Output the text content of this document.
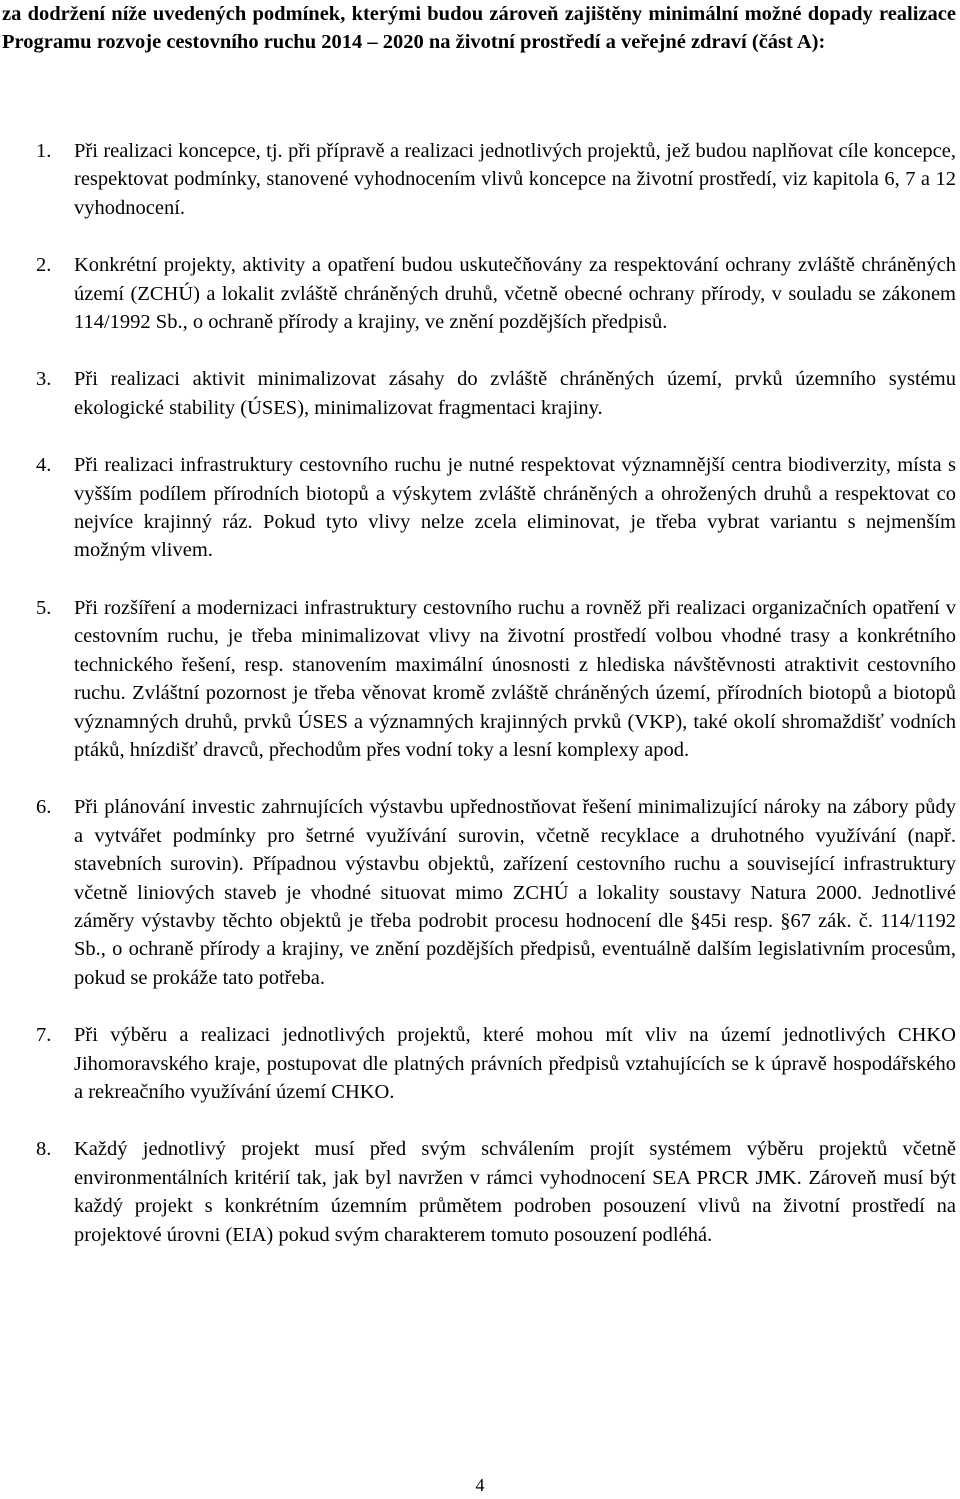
za dodržení níže uvedených podmínek, kterými budou zároveň zajištěny minimální možné dopady realizace Programu rozvoje cestovního ruchu 2014 – 2020 na životní prostředí a veřejné zdraví (část A):

1. Při realizaci koncepce, tj. při přípravě a realizaci jednotlivých projektů, jež budou naplňovat cíle koncepce, respektovat podmínky, stanovené vyhodnocením vlivů koncepce na životní prostředí, viz kapitola 6, 7 a 12 vyhodnocení.
2. Konkrétní projekty, aktivity a opatření budou uskutečňovány za respektování ochrany zvláště chráněných území (ZCHÚ) a lokalit zvláště chráněných druhů, včetně obecné ochrany přírody, v souladu se zákonem 114/1992 Sb., o ochraně přírody a krajiny, ve znění pozdějších předpisů.
3. Při realizaci aktivit minimalizovat zásahy do zvláště chráněných území, prvků územního systému ekologické stability (ÚSES), minimalizovat fragmentaci krajiny.
4. Při realizaci infrastruktury cestovního ruchu je nutné respektovat významnější centra biodiverzity, místa s vyšším podílem přírodních biotopů a výskytem zvláště chráněných a ohrožených druhů a respektovat co nejvíce krajinný ráz. Pokud tyto vlivy nelze zcela eliminovat, je třeba vybrat variantu s nejmenším možným vlivem.
5. Při rozšíření a modernizaci infrastruktury cestovního ruchu a rovněž při realizaci organizačních opatření v cestovním ruchu, je třeba minimalizovat vlivy na životní prostředí volbou vhodné trasy a konkrétního technického řešení, resp. stanovením maximální únosnosti z hlediska návštěvnosti atraktivit cestovního ruchu. Zvláštní pozornost je třeba věnovat kromě zvláště chráněných území, přírodních biotopů a biotopů významných druhů, prvků ÚSES a významných krajinných prvků (VKP), také okolí shromaždišť vodních ptáků, hnízdišť dravců, přechodům přes vodní toky a lesní komplexy apod.
6. Při plánování investic zahrnujících výstavbu upřednostňovat řešení minimalizující nároky na zábory půdy a vytvářet podmínky pro šetrné využívání surovin, včetně recyklace a druhotného využívání (např. stavebních surovin). Případnou výstavbu objektů, zařízení cestovního ruchu a související infrastruktury včetně liniových staveb je vhodné situovat mimo ZCHÚ a lokality soustavy Natura 2000. Jednotlivé záměry výstavby těchto objektů je třeba podrobit procesu hodnocení dle §45i resp. §67 zák. č. 114/1192 Sb., o ochraně přírody a krajiny, ve znění pozdějších předpisů, eventuálně dalším legislativním procesům, pokud se prokáže tato potřeba.
7. Při výběru a realizaci jednotlivých projektů, které mohou mít vliv na území jednotlivých CHKO Jihomoravského kraje, postupovat dle platných právních předpisů vztahujících se k úpravě hospodářského a rekreačního využívání území CHKO.
8. Každý jednotlivý projekt musí před svým schválením projít systémem výběru projektů včetně environmentálních kritérií tak, jak byl navržen v rámci vyhodnocení SEA PRCR JMK. Zároveň musí být každý projekt s konkrétním územním průmětem podroben posouzení vlivů na životní prostředí na projektové úrovni (EIA) pokud svým charakterem tomuto posouzení podléhá.
4
